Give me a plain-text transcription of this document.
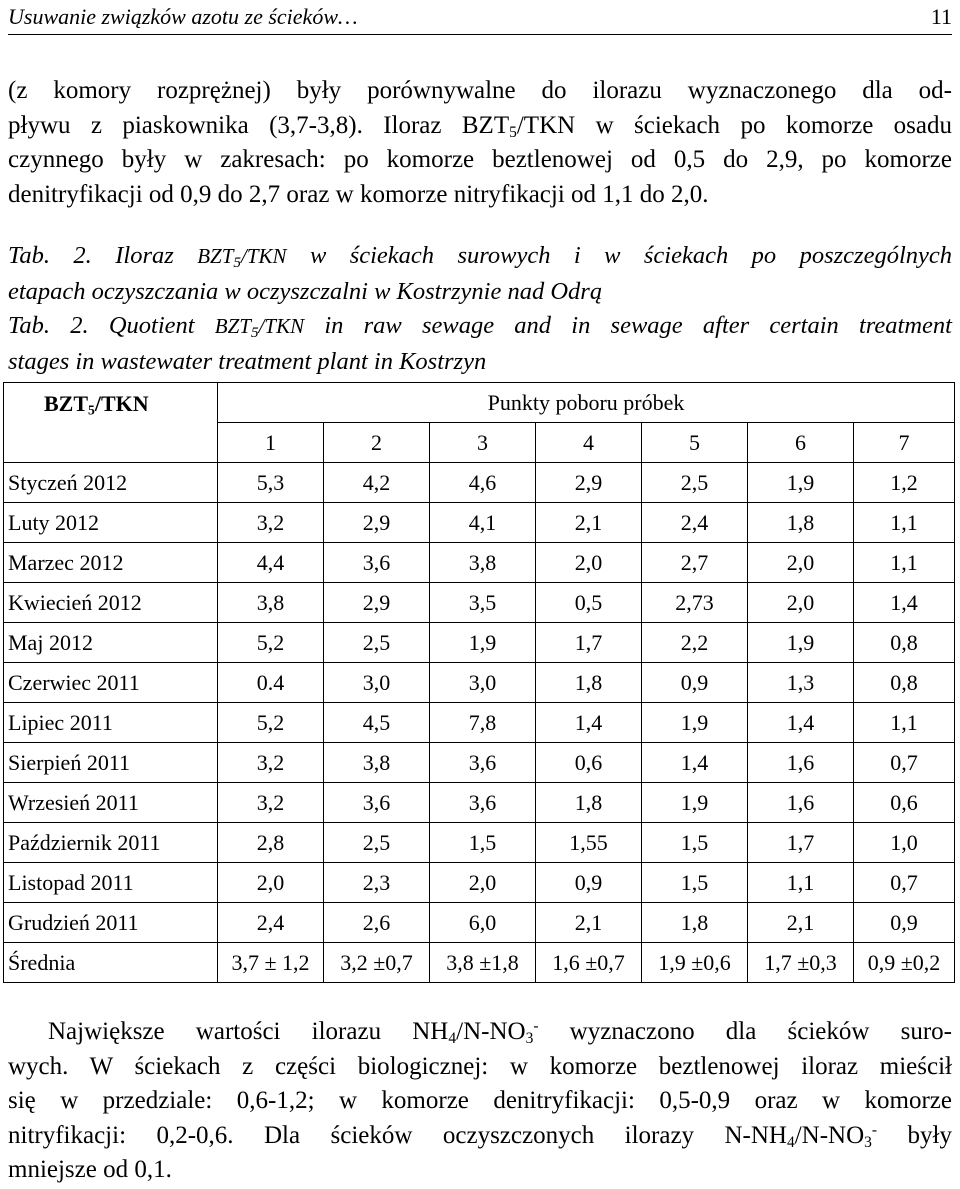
Usuwanie związków azotu ze ścieków…	11
(z komory rozprężnej) były porównywalne do ilorazu wyznaczonego dla od-
pływu z piaskownika (3,7-3,8). Iloraz $BZT_5$/TKN w ściekach po komorze osadu
czynnego były w zakresach: po komorze beztlenowej od 0,5 do 2,9, po komorze
denitryfikacji od 0,9 do 2,7 oraz w komorze nitryfikacji od 1,1 do 2,0.
Tab. 2. Iloraz $BZT_5$/TKN w ściekach surowych i w ściekach po poszczególnych
etapach oczyszczania w oczyszczalni w Kostrzynie nad Odrą
Tab. 2. Quotient $BZT_5$/TKN in raw sewage and in sewage after certain treatment
stages in wastewater treatment plant in Kostrzyn
$BZT_5$/TKN	Punkty poboru próbek						
	1	2	3	4	5	6	7
Styczeń 2012	5,3	4,2	4,6	2,9	2,5	1,9	1,2
Luty 2012	3,2	2,9	4,1	2,1	2,4	1,8	1,1
Marzec 2012	4,4	3,6	3,8	2,0	2,7	2,0	1,1
Kwiecień 2012	3,8	2,9	3,5	0,5	2,73	2,0	1,4
Maj 2012	5,2	2,5	1,9	1,7	2,2	1,9	0,8
Czerwiec 2011	0.4	3,0	3,0	1,8	0,9	1,3	0,8
Lipiec 2011	5,2	4,5	7,8	1,4	1,9	1,4	1,1
Sierpień 2011	3,2	3,8	3,6	0,6	1,4	1,6	0,7
Wrzesień 2011	3,2	3,6	3,6	1,8	1,9	1,6	0,6
Październik 2011	2,8	2,5	1,5	1,55	1,5	1,7	1,0
Listopad 2011	2,0	2,3	2,0	0,9	1,5	1,1	0,7
Grudzień 2011	2,4	2,6	6,0	2,1	1,8	2,1	0,9
Średnia	3,7 ± 1,2	3,2 ±0,7	3,8 ±1,8	1,6 ±0,7	1,9 ±0,6	1,7 ±0,3	0,9 ±0,2
Największe wartości ilorazu $NH_4/N-NO_3^-$ wyznaczono dla ścieków suro-
wych. W ściekach z części biologicznej: w komorze beztlenowej iloraz mieścił
się w przedziale: 0,6-1,2; w komorze denitryfikacji: 0,5-0,9 oraz w komorze
nitryfikacji: 0,2-0,6. Dla ścieków oczyszczonych ilorazy $N-NH_4/N-NO_3^-$ były
mniejsze od 0,1.
